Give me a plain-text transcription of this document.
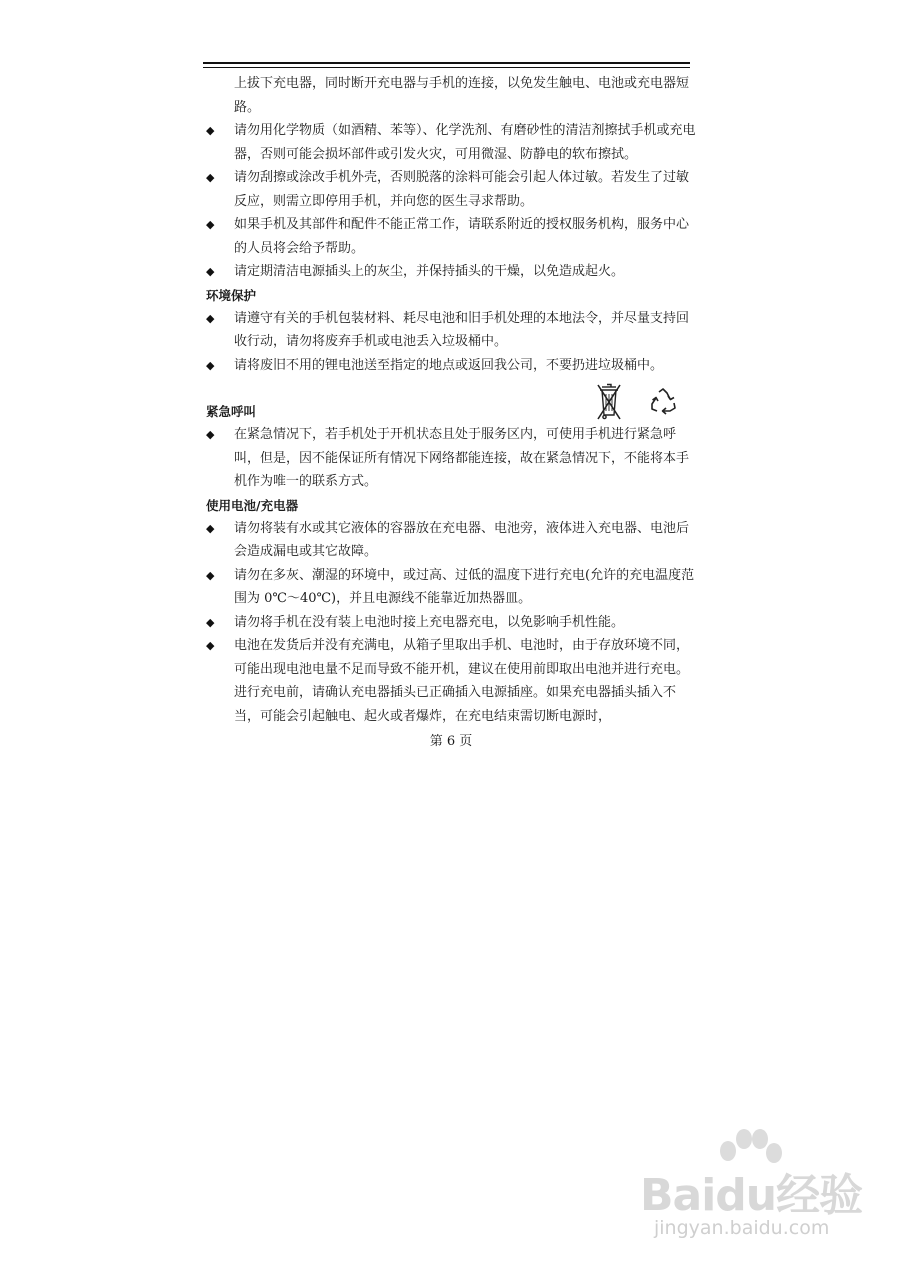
上拔下充电器，同时断开充电器与手机的连接，以免发生触电、电池或充电器短路。
◆ 请勿用化学物质（如酒精、苯等）、化学洗剂、有磨砂性的清洁剂擦拭手机或充电器，否则可能会损坏部件或引发火灾，可用微湿、防静电的软布擦拭。
◆ 请勿刮擦或涂改手机外壳，否则脱落的涂料可能会引起人体过敏。若发生了过敏反应，则需立即停用手机，并向您的医生寻求帮助。
◆ 如果手机及其部件和配件不能正常工作，请联系附近的授权服务机构，服务中心的人员将会给予帮助。
◆ 请定期清洁电源插头上的灰尘，并保持插头的干燥，以免造成起火。
环境保护
◆ 请遵守有关的手机包装材料、耗尽电池和旧手机处理的本地法令，并尽量支持回收行动，请勿将废弃手机或电池丢入垃圾桶中。
◆ 请将废旧不用的锂电池送至指定的地点或返回我公司，不要扔进垃圾桶中。
紧急呼叫
◆ 在紧急情况下，若手机处于开机状态且处于服务区内，可使用手机进行紧急呼叫，但是，因不能保证所有情况下网络都能连接，故在紧急情况下，不能将本手机作为唯一的联系方式。
使用电池/充电器
◆ 请勿将装有水或其它液体的容器放在充电器、电池旁，液体进入充电器、电池后会造成漏电或其它故障。
◆ 请勿在多灰、潮湿的环境中，或过高、过低的温度下进行充电(允许的充电温度范围为 0℃～40℃)，并且电源线不能靠近加热器皿。
◆ 请勿将手机在没有装上电池时接上充电器充电，以免影响手机性能。
◆ 电池在发货后并没有充满电，从箱子里取出手机、电池时，由于存放环境不同，可能出现电池电量不足而导致不能开机，建议在使用前即取出电池并进行充电。进行充电前，请确认充电器插头已正确插入电源插座。如果充电器插头插入不当，可能会引起触电、起火或者爆炸，在充电结束需切断电源时，
第 6 页
Baidu经验
jingyan.baidu.com
